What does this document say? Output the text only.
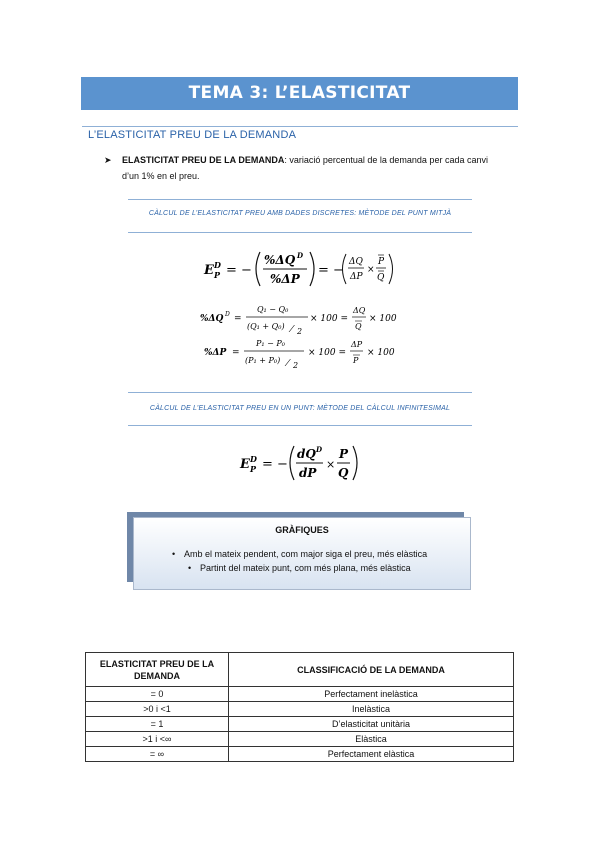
TEMA 3: L’ELASTICITAT
L’ELASTICITAT PREU DE LA DEMANDA
➤ ELASTICITAT PREU DE LA DEMANDA: variació percentual de la demanda per cada canvi d’un 1% en el preu.
CÀLCUL DE L’ELASTICITAT PREU AMB DADES DISCRETES: MÈTODE DEL PUNT MITJÀ
E D
P = −
%ΔQ D
%ΔP
= −
ΔQ
ΔP
×
P
Q
%ΔQ D =
Q₁ − Q₀
(Q₁ + Q₀) ⁄ 2
× 100 =
ΔQ
Q
× 100
%ΔP =
P₁ − P₀
(P₁ + P₀) ⁄ 2
× 100 =
ΔP
P
× 100
CÀLCUL DE L’ELASTICITAT PREU EN UN PUNT: MÈTODE DEL CÀLCUL INFINITESIMAL
E D
P = −
dQ D
dP
×
P
Q
GRÀFIQUES
• Amb el mateix pendent, com major siga el preu, més elàstica
• Partint del mateix punt, com més plana, més elàstica
ELASTICITAT PREU DE LA DEMANDA	CLASSIFICACIÓ DE LA DEMANDA
= 0	Perfectament inelàstica
>0 i <1	Inelàstica
= 1	D’elasticitat unitària
>1 i <∞	Elàstica
= ∞	Perfectament elàstica
